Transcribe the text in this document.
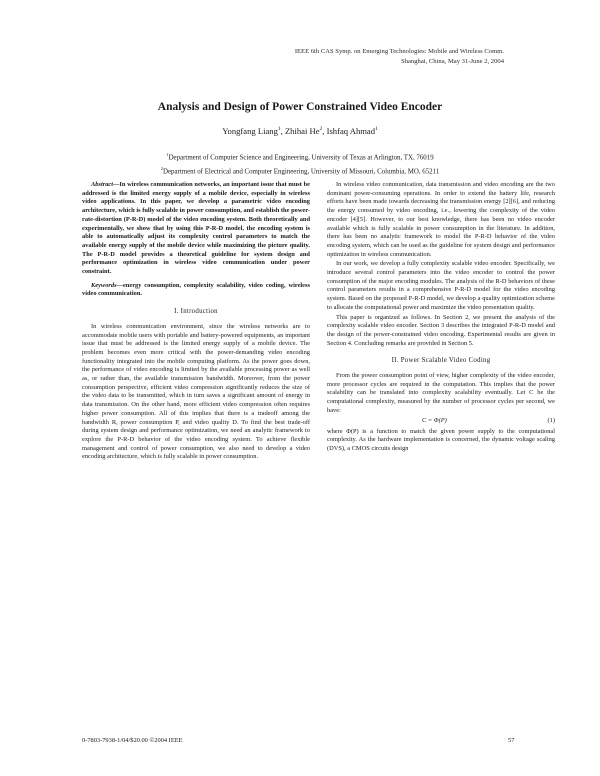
IEEE 6th CAS Symp. on Emerging Technologies: Mobile and Wireless Comm.
Shanghai, China, May 31-June 2, 2004
Analysis and Design of Power Constrained Video Encoder
Yongfang Liang$^1$, Zhihai He$^2$, Ishfaq Ahmad$^1$
$^1$Department of Computer Science and Engineering, University of Texas at Arlington, TX, 76019
$^2$Department of Electrical and Computer Engineering, University of Missouri, Columbia, MO, 65211

Abstract—In wireless communication networks, an important issue that must be addressed is the limited energy supply of a mobile device, especially in wireless video applications. In this paper, we develop a parametric video encoding architecture, which is fully scalable in power consumption, and establish the power-rate-distortion (P-R-D) model of the video encoding system. Both theoretically and experimentally, we show that by using this P-R-D model, the encoding system is able to automatically adjust its complexity control parameters to match the available energy supply of the mobile device while maximizing the picture quality. The P-R-D model provides a theoretical guideline for system design and performance optimization in wireless video communication under power constraint.

Keywords—energy consumption, complexity scalability, video coding, wireless video communication.

I. Introduction

In wireless communication environment, since the wireless networks are to accommodate mobile users with portable and battery-powered equipments, an important issue that must be addressed is the limited energy supply of a mobile device. The problem becomes even more critical with the power-demanding video encoding functionality integrated into the mobile computing platform. As the power goes down, the performance of video encoding is limited by the available processing power as well as, or rather than, the available transmission bandwidth. Moreover, from the power consumption perspective, efficient video compression significantly reduces the size of the video data to be transmitted, which in turn saves a significant amount of energy in data transmission. On the other hand, more efficient video compression often requires higher power consumption. All of this implies that there is a tradeoff among the bandwidth R, power consumption P, and video quality D. To find the best trade-off during system design and performance optimization, we need an analytic framework to explore the P-R-D behavior of the video encoding system. To achieve flexible management and control of power consumption, we also need to develop a video encoding architecture, which is fully scalable in power consumption.

In wireless video communication, data transmission and video encoding are the two dominant power-consuming operations. In order to extend the battery life, research efforts have been made towards decreasing the transmission energy [2][6], and reducing the energy consumed by video encoding, i.e., lowering the complexity of the video encoder [4][5]. However, to our best knowledge, there has been no video encoder available which is fully scalable in power consumption in the literature. In addition, there has been no analytic framework to model the P-R-D behavior of the video encoding system, which can be used as the guideline for system design and performance optimization in wireless communication.

In our work, we develop a fully complexity scalable video encoder. Specifically, we introduce several control parameters into the video encoder to control the power consumption of the major encoding modules. The analysis of the R-D behaviors of these control parameters results in a comprehensive P-R-D model for the video encoding system. Based on the proposed P-R-D model, we develop a quality optimization scheme to allocate the computational power and maximize the video presentation quality.

This paper is organized as follows. In Section 2, we present the analysis of the complexity scalable video encoder. Section 3 describes the integrated P-R-D model and the design of the power-constrained video encoding. Experimental results are given in Section 4. Concluding remarks are provided in Section 5.

II. Power Scalable Video Coding

From the power consumption point of view, higher complexity of the video encoder, more processor cycles are required in the computation. This implies that the power scalability can be translated into complexity scalability eventually. Let C be the computational complexity, measured by the number of processor cycles per second, we have:

C = Φ(P)	(1)

where Φ(P) is a function to match the given power supply to the computational complexity. As the hardware implementation is concerned, the dynamic voltage scaling (DVS), a CMOS circuits design

0-7803-7938-1/04/$20.00 ©2004 IEEE	57
